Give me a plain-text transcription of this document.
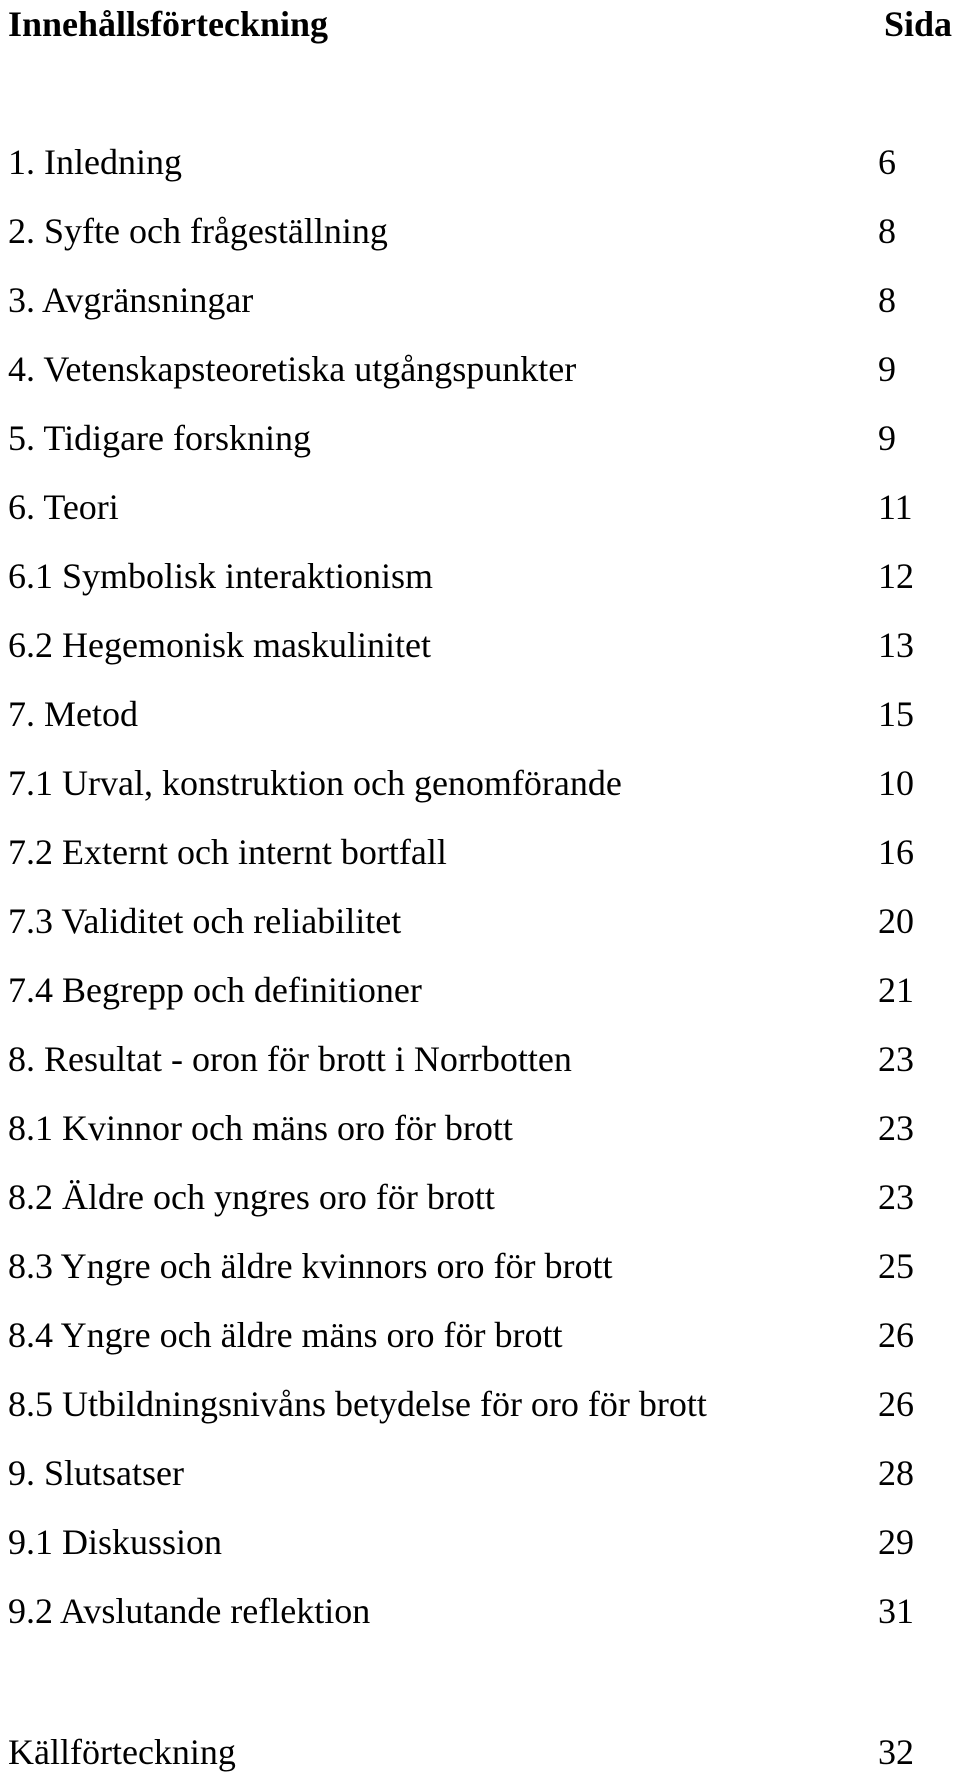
Innehållsförteckning	Sida
1. Inledning	6
2. Syfte och frågeställning	8
3. Avgränsningar	8
4. Vetenskapsteoretiska utgångspunkter	9
5. Tidigare forskning	9
6. Teori	11
6.1 Symbolisk interaktionism	12
6.2 Hegemonisk maskulinitet	13
7. Metod	15
7.1 Urval, konstruktion och genomförande	10
7.2 Externt och internt bortfall	16
7.3 Validitet och reliabilitet	20
7.4 Begrepp och definitioner	21
8. Resultat - oron för brott i Norrbotten	23
8.1 Kvinnor och mäns oro för brott	23
8.2 Äldre och yngres oro för brott	23
8.3 Yngre och äldre kvinnors oro för brott	25
8.4 Yngre och äldre mäns oro för brott	26
8.5 Utbildningsnivåns betydelse för oro för brott	26
9. Slutsatser	28
9.1 Diskussion	29
9.2 Avslutande reflektion	31
Källförteckning	32
